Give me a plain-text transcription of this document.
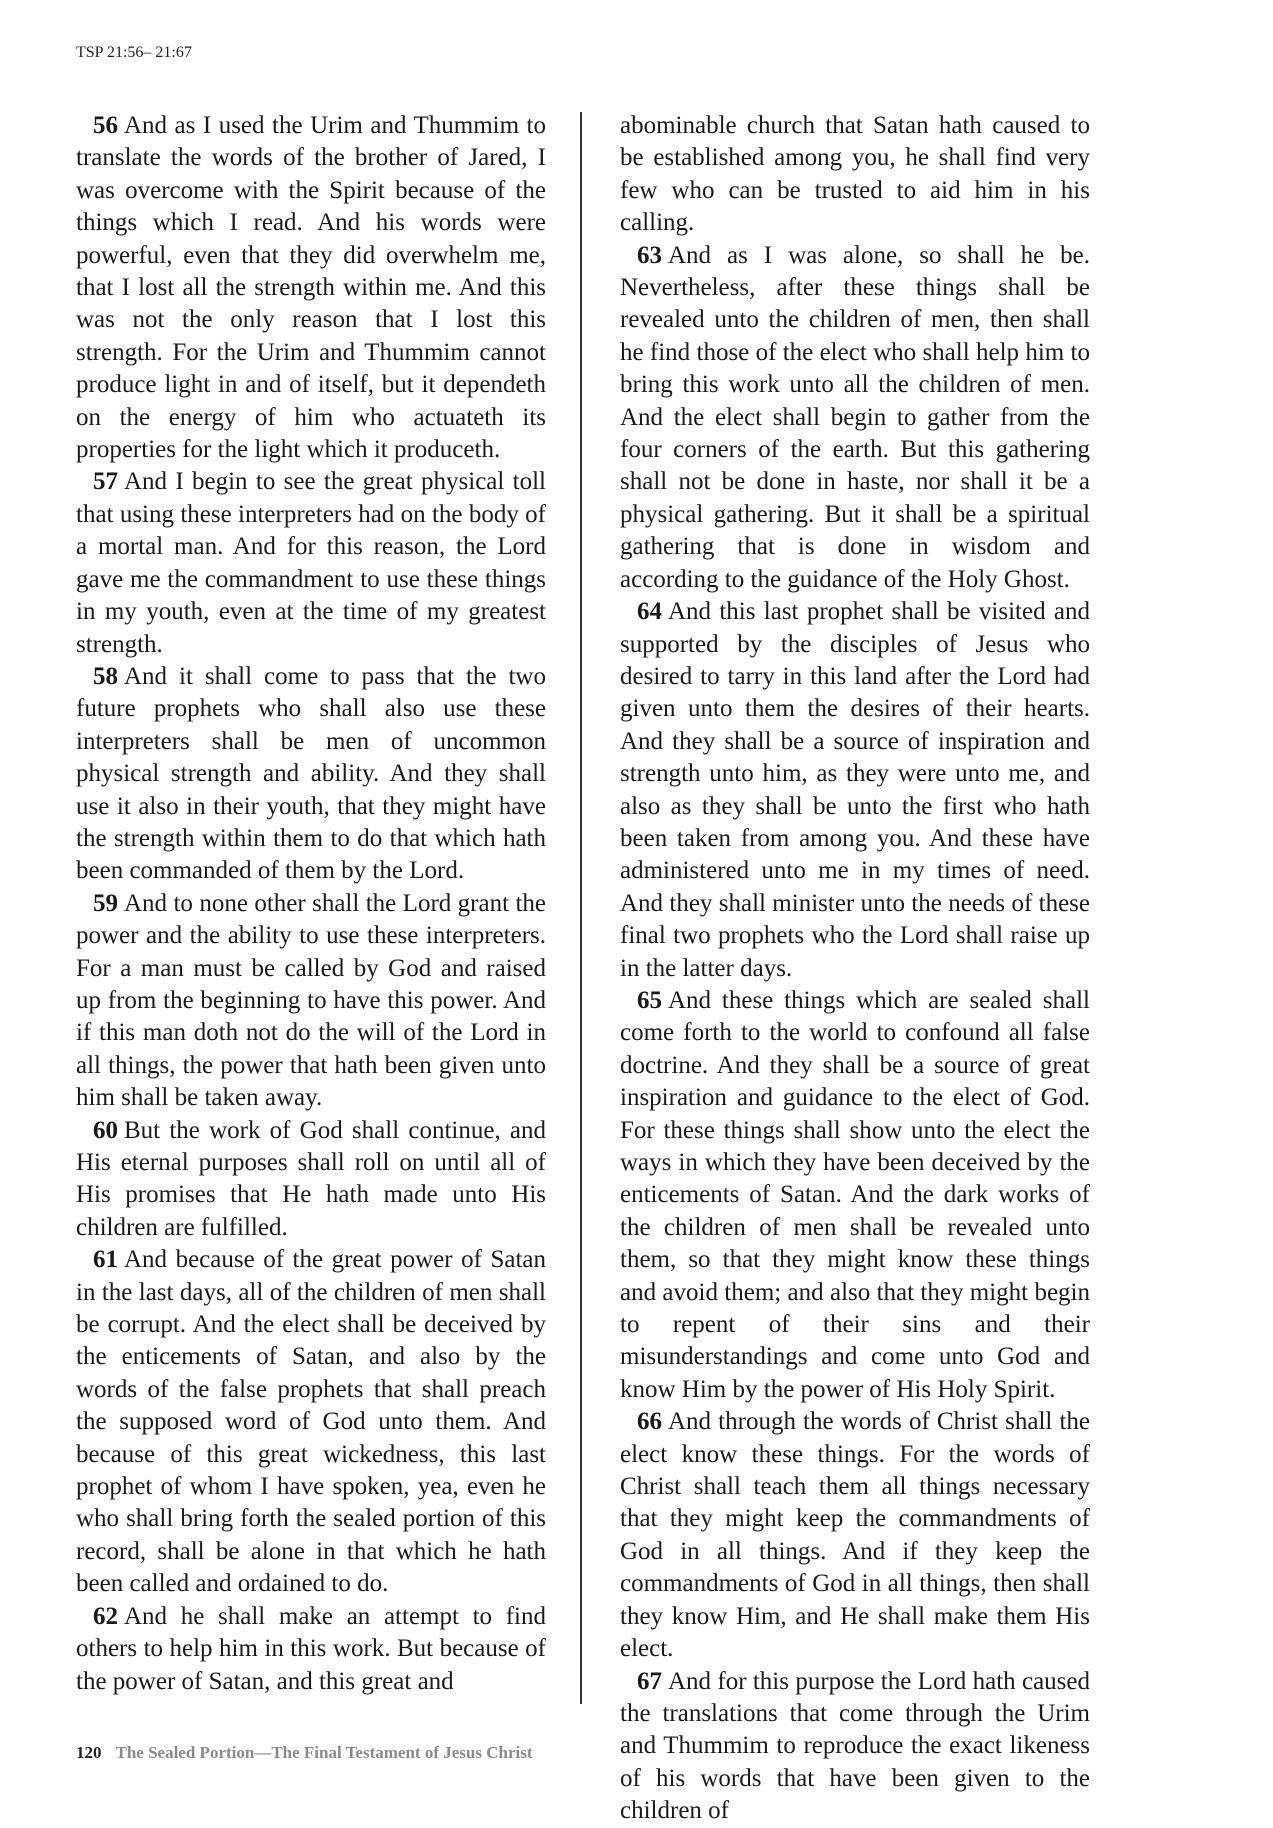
TSP 21:56– 21:67

56 And as I used the Urim and Thummim to translate the words of the brother of Jared, I was overcome with the Spirit because of the things which I read. And his words were powerful, even that they did overwhelm me, that I lost all the strength within me. And this was not the only reason that I lost this strength. For the Urim and Thummim cannot produce light in and of itself, but it dependeth on the energy of him who actuateth its properties for the light which it produceth.

57 And I begin to see the great physical toll that using these interpreters had on the body of a mortal man. And for this reason, the Lord gave me the commandment to use these things in my youth, even at the time of my greatest strength.

58 And it shall come to pass that the two future prophets who shall also use these interpreters shall be men of uncommon physical strength and ability. And they shall use it also in their youth, that they might have the strength within them to do that which hath been commanded of them by the Lord.

59 And to none other shall the Lord grant the power and the ability to use these interpreters. For a man must be called by God and raised up from the beginning to have this power. And if this man doth not do the will of the Lord in all things, the power that hath been given unto him shall be taken away.

60 But the work of God shall continue, and His eternal purposes shall roll on until all of His promises that He hath made unto His children are fulfilled.

61 And because of the great power of Satan in the last days, all of the children of men shall be corrupt. And the elect shall be deceived by the enticements of Satan, and also by the words of the false prophets that shall preach the supposed word of God unto them. And because of this great wickedness, this last prophet of whom I have spoken, yea, even he who shall bring forth the sealed portion of this record, shall be alone in that which he hath been called and ordained to do.

62 And he shall make an attempt to find others to help him in this work. But because of the power of Satan, and this great and

abominable church that Satan hath caused to be established among you, he shall find very few who can be trusted to aid him in his calling.

63 And as I was alone, so shall he be. Nevertheless, after these things shall be revealed unto the children of men, then shall he find those of the elect who shall help him to bring this work unto all the children of men. And the elect shall begin to gather from the four corners of the earth. But this gathering shall not be done in haste, nor shall it be a physical gathering. But it shall be a spiritual gathering that is done in wisdom and according to the guidance of the Holy Ghost.

64 And this last prophet shall be visited and supported by the disciples of Jesus who desired to tarry in this land after the Lord had given unto them the desires of their hearts. And they shall be a source of inspiration and strength unto him, as they were unto me, and also as they shall be unto the first who hath been taken from among you. And these have administered unto me in my times of need. And they shall minister unto the needs of these final two prophets who the Lord shall raise up in the latter days.

65 And these things which are sealed shall come forth to the world to confound all false doctrine. And they shall be a source of great inspiration and guidance to the elect of God. For these things shall show unto the elect the ways in which they have been deceived by the enticements of Satan. And the dark works of the children of men shall be revealed unto them, so that they might know these things and avoid them; and also that they might begin to repent of their sins and their misunderstandings and come unto God and know Him by the power of His Holy Spirit.

66 And through the words of Christ shall the elect know these things. For the words of Christ shall teach them all things necessary that they might keep the commandments of God in all things. And if they keep the commandments of God in all things, then shall they know Him, and He shall make them His elect.

67 And for this purpose the Lord hath caused the translations that come through the Urim and Thummim to reproduce the exact likeness of his words that have been given to the children of

120 The Sealed Portion—The Final Testament of Jesus Christ
